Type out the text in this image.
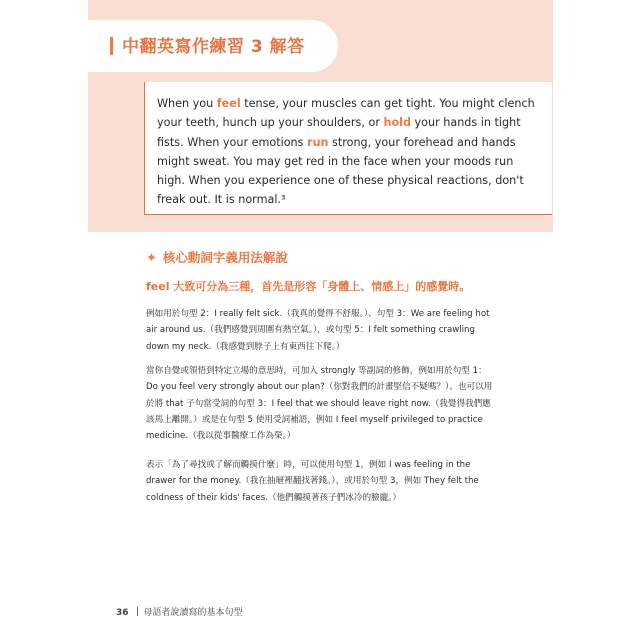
中翻英寫作練習 3 解答

When you feel tense, your muscles can get tight. You might clench your teeth, hunch up your shoulders, or hold your hands in tight fists. When your emotions run strong, your forehead and hands might sweat. You may get red in the face when your moods run high. When you experience one of these physical reactions, don't freak out. It is normal.³

✦ 核心動詞字義用法解說
feel 大致可分為三種，首先是形容「身體上、情感上」的感覺時。

例如用於句型 2：I really felt sick.（我真的覺得不舒服。）、句型 3：We are feeling hot air around us.（我們感覺到周圍有熱空氣。），或句型 5：I felt something crawling down my neck.（我感覺到脖子上有東西往下爬。）

當你自覺或領悟到特定立場的意思時，可加入 strongly 等副詞的修飾，例如用於句型 1：Do you feel very strongly about our plan?（你對我們的計畫堅信不疑嗎？）。也可以用於將 that 子句當受詞的句型 3：I feel that we should leave right now.（我覺得我們應該馬上離開。）或是在句型 5 使用受詞補語，例如 I feel myself privileged to practice medicine.（我以從事醫療工作為榮。）

表示「為了尋找或了解而觸摸什麼」時，可以使用句型 1，例如 I was feeling in the drawer for the money.（我在抽屜裡翻找著錢。），或用於句型 3，例如 They felt the coldness of their kids' faces.（他們觸摸著孩子們冰冷的臉龐。）

36 母語者說讀寫的基本句型
